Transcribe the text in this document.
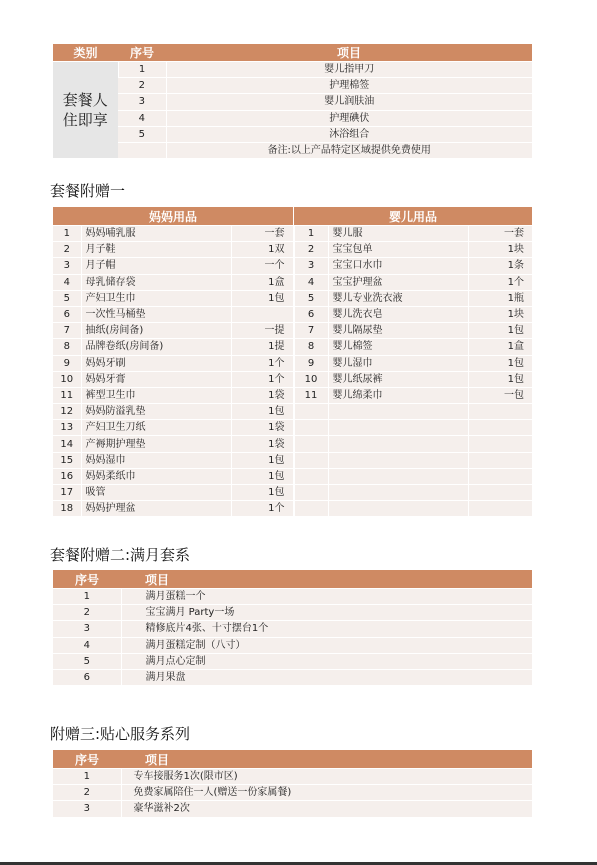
类别	序号	项目

套餐人住即享	1	婴儿指甲刀
	2	护理棉签
	3	婴儿润肤油
	4	护理碘伏
	5	沐浴组合
		备注:以上产品特定区域提供免费使用
套餐附赠一
妈妈用品			婴儿用品		
1	妈妈哺乳服	一套		1	婴儿服	一套
2	月子鞋	1双		2	宝宝包单	1块
3	月子帽	一个		3	宝宝口水巾	1条
4	母乳储存袋	1盒		4	宝宝护理盆	1个
5	产妇卫生巾	1包		5	婴儿专业洗衣液	1瓶
6	一次性马桶垫			6	婴儿洗衣皂	1块
7	抽纸(房间备)	一提		7	婴儿隔尿垫	1包
8	品牌卷纸(房间备)	1提		8	婴儿棉签	1盒
9	妈妈牙刷	1个		9	婴儿湿巾	1包
10	妈妈牙膏	1个		10	婴儿纸尿裤	1包
11	裤型卫生巾	1袋		11	婴儿绵柔巾	一包
12	妈妈防溢乳垫	1包				
13	产妇卫生刀纸	1袋				
14	产褥期护理垫	1袋				
15	妈妈湿巾	1包				
16	妈妈柔纸巾	1包				
17	吸管	1包				
18	妈妈护理盆	1个				
套餐附赠二:满月套系
序号	项目
1	满月蛋糕一个
2	宝宝满月 Party一场
3	精修底片4张、十寸摆台1个
4	满月蛋糕定制（八寸）
5	满月点心定制
6	满月果盘
附赠三:贴心服务系列
序号	项目
1	专车接服务1次(限市区)
2	免费家属陪住一人(赠送一份家属餐)
3	豪华滋补2次
